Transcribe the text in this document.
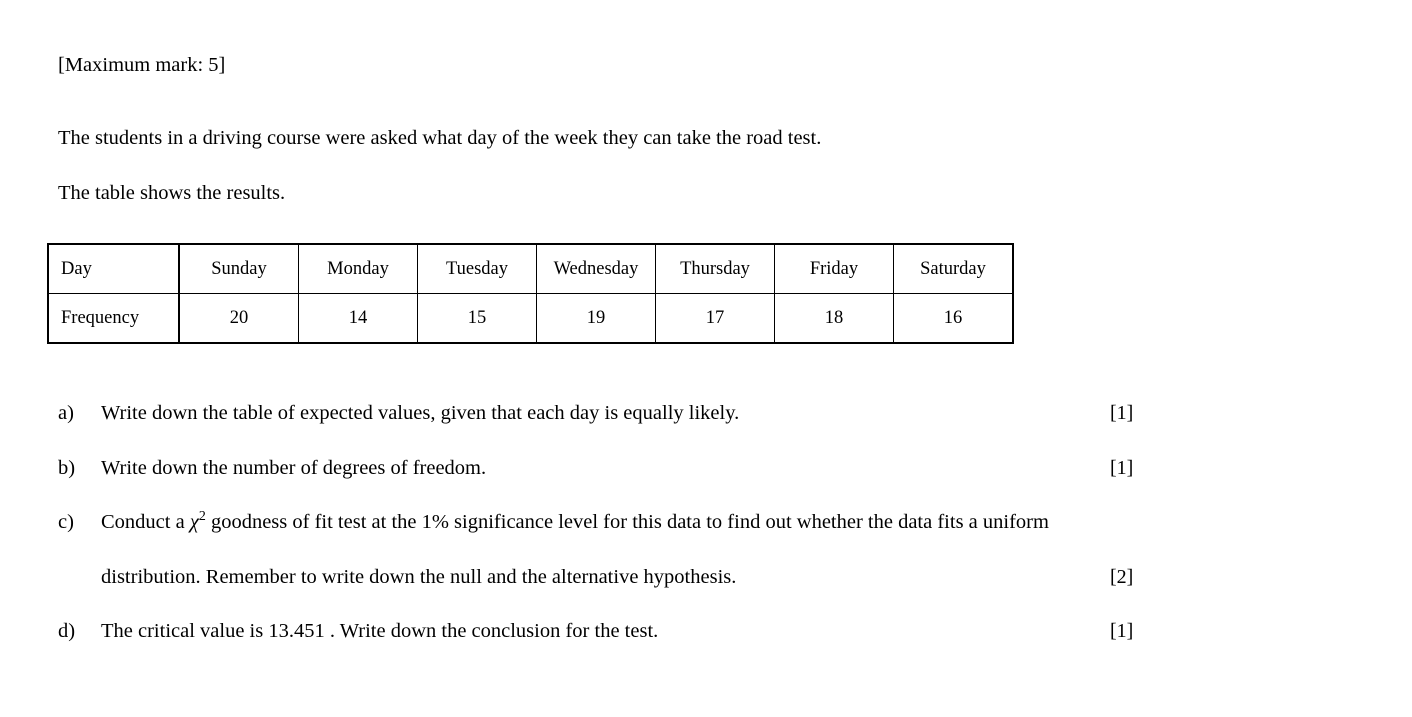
[Maximum mark: 5]
The students in a driving course were asked what day of the week they can take the road test.
The table shows the results.
Day	Sunday	Monday	Tuesday	Wednesday	Thursday	Friday	Saturday
Frequency	20	14	15	19	17	18	16
a)	Write down the table of expected values, given that each day is equally likely.	[1]
b)	Write down the number of degrees of freedom.	[1]
c)	Conduct a $\chi^2$ goodness of fit test at the 1% significance level for this data to find out whether the data fits a uniform
distribution. Remember to write down the null and the alternative hypothesis.	[2]
d)	The critical value is 13.451 . Write down the conclusion for the test.	[1]
